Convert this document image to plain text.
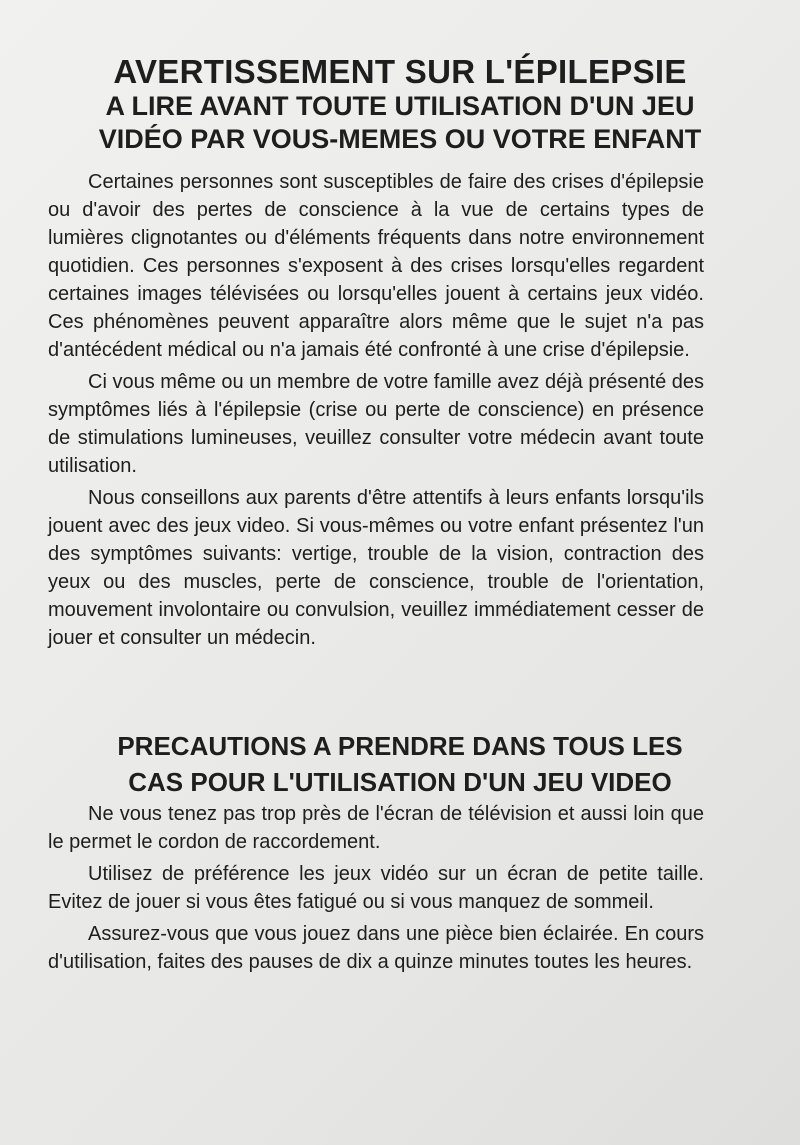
AVERTISSEMENT SUR L'ÉPILEPSIE
A LIRE AVANT TOUTE UTILISATION D'UN JEU
VIDÉO PAR VOUS-MEMES OU VOTRE ENFANT

Certaines personnes sont susceptibles de faire des crises d'épilepsie ou d'avoir des pertes de conscience à la vue de certains types de lumières clignotantes ou d'éléments fréquents dans notre environnement quotidien. Ces personnes s'exposent à des crises lorsqu'elles regardent certaines images télévisées ou lorsqu'elles jouent à certains jeux vidéo. Ces phénomènes peuvent apparaître alors même que le sujet n'a pas d'antécédent médical ou n'a jamais été confronté à une crise d'épilepsie.

Ci vous même ou un membre de votre famille avez déjà présenté des symptômes liés à l'épilepsie (crise ou perte de conscience) en présence de stimulations lumineuses, veuillez consulter votre médecin avant toute utilisation.

Nous conseillons aux parents d'être attentifs à leurs enfants lorsqu'ils jouent avec des jeux video. Si vous-mêmes ou votre enfant présentez l'un des symptômes suivants: vertige, trouble de la vision, contraction des yeux ou des muscles, perte de conscience, trouble de l'orientation, mouvement involontaire ou convulsion, veuillez immédiatement cesser de jouer et consulter un médecin.

PRECAUTIONS A PRENDRE DANS TOUS LES
CAS POUR L'UTILISATION D'UN JEU VIDEO

Ne vous tenez pas trop près de l'écran de télévision et aussi loin que le permet le cordon de raccordement.

Utilisez de préférence les jeux vidéo sur un écran de petite taille. Evitez de jouer si vous êtes fatigué ou si vous manquez de sommeil.

Assurez-vous que vous jouez dans une pièce bien éclairée. En cours d'utilisation, faites des pauses de dix a quinze minutes toutes les heures.
